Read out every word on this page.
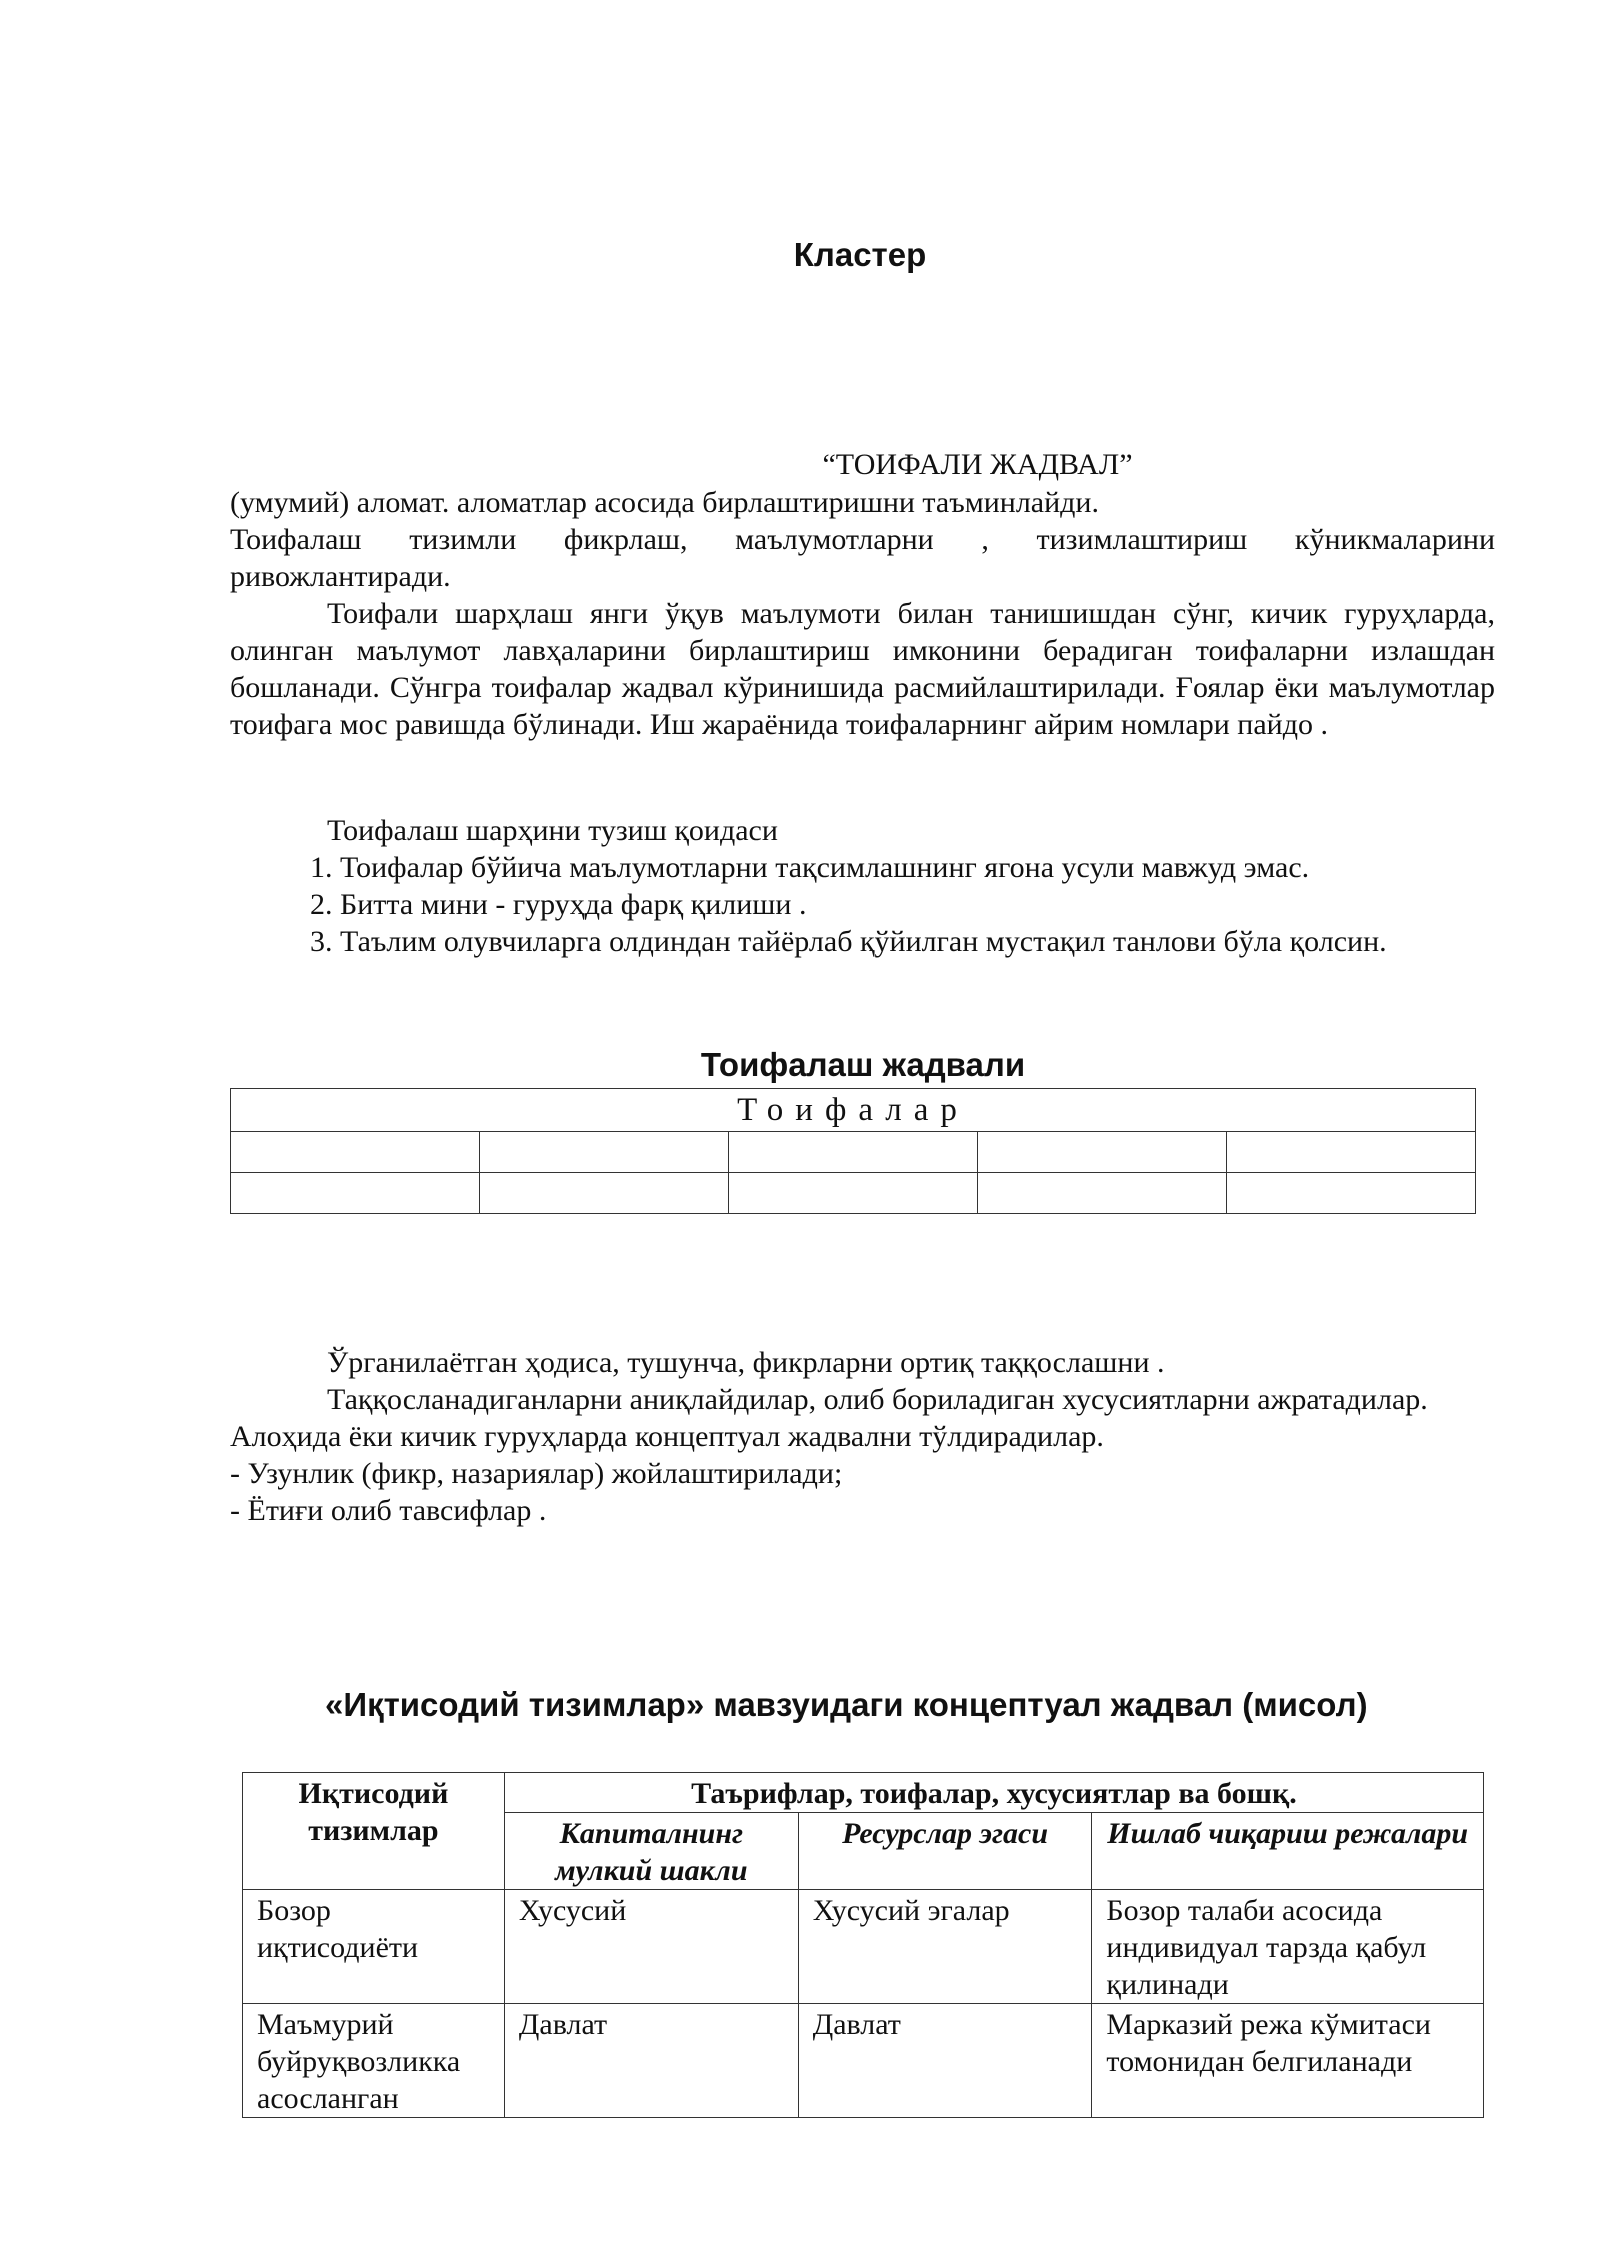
Кластер
“ТОИФАЛИ ЖАДВАЛ”

(умумий) аломат. аломатлар асосида бирлаштиришни таъминлайди.

Тоифалаш тизимли фикрлаш, маълумотларни , тизимлаштириш кўникмаларини

ривожлантиради.

Тоифали шарҳлаш янги ўқув маълумоти билан танишишдан сўнг, кичик гуруҳларда, олинган маълумот лавҳаларини бирлаштириш имконини берадиган тоифаларни излашдан бошланади. Сўнгра тоифалар жадвал кўринишида расмийлаштирилади. Ғоялар ёки маълумотлар тоифага мос равишда бўлинади. Иш жараёнида тоифаларнинг айрим номлари пайдо .

Тоифалаш шарҳини тузиш қоидаси

1. Тоифалар бўйича маълумотларни тақсимлашнинг ягона усули мавжуд эмас.
2. Битта мини - гуруҳда фарқ қилиши .
3. Таълим олувчиларга олдиндан тайёрлаб қўйилган мустақил танлови бўла қолсин.
Тоифалаш жадвали
Тоифалар				

Ўрганилаётган ҳодиса, тушунча, фикрларни ортиқ таққослашни .

Таққосланадиганларни аниқлайдилар, олиб бориладиган хусусиятларни ажратадилар.

Алоҳида ёки кичик гуруҳларда концептуал жадвални тўлдирадилар.

- Узунлик (фикр, назариялар) жойлаштирилади;

- Ётиғи олиб тавсифлар .

«Иқтисодий тизимлар» мавзуидаги концептуал жадвал (мисол)
Иқтисодий тизимлар	Таърифлар, тоифалар, хусусиятлар ва бошқ.		
	Капиталнинг мулкий шакли	Ресурслар эгаси	Ишлаб чиқариш режалари
Бозор иқтисодиёти	Хусусий	Хусусий эгалар	Бозор талаби асосида индивидуал тарзда қабул қилинади
Маъмурий буйруқвозликка асосланган	Давлат	Давлат	Марказий режа кўмитаси томонидан белгиланади
